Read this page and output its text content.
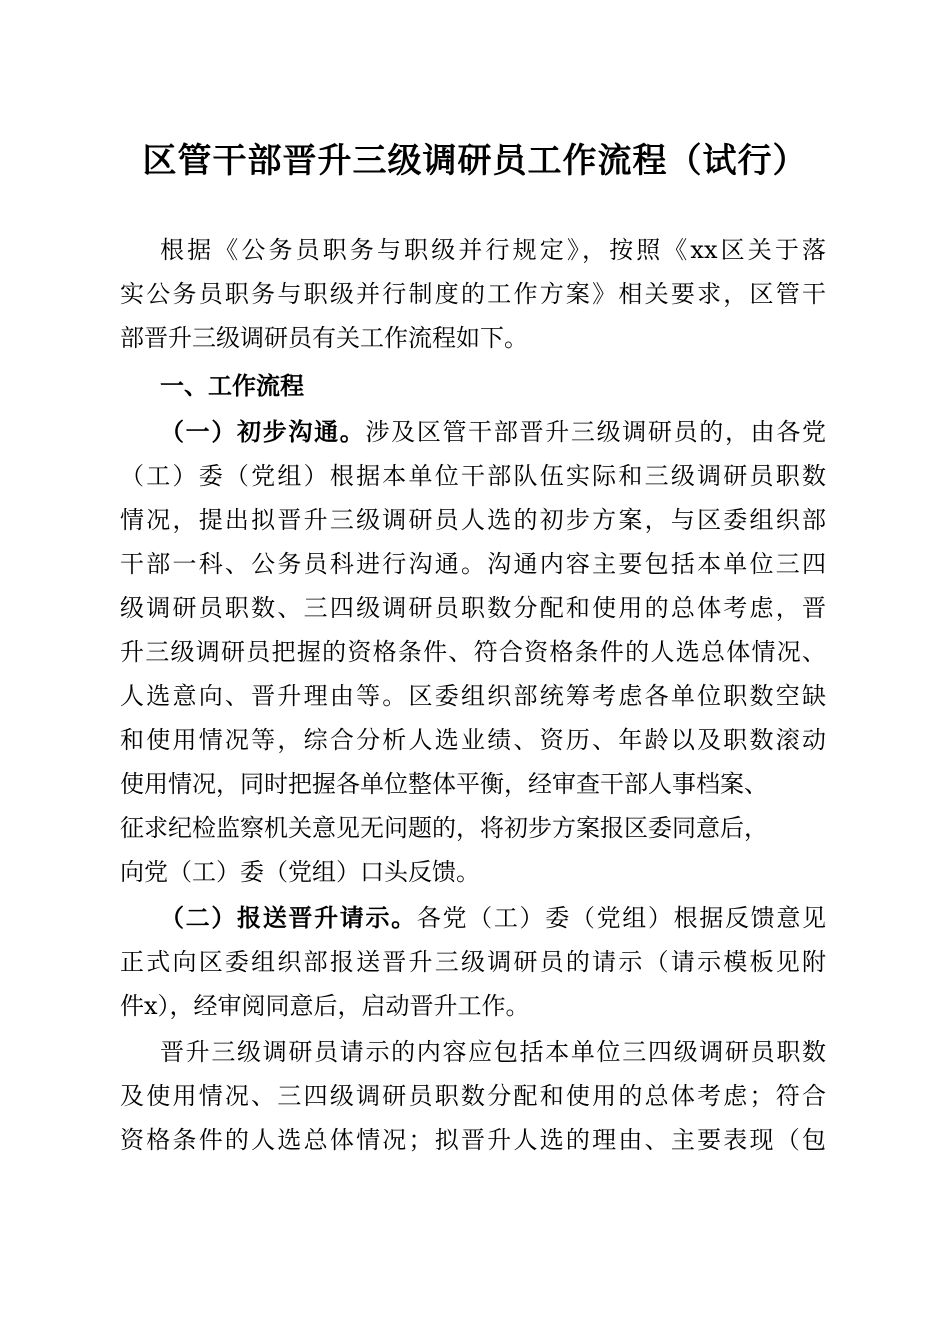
区管干部晋升三级调研员工作流程（试行）

根据《公务员职务与职级并行规定》，按照《xx区关于落

实公务员职务与职级并行制度的工作方案》相关要求，区管干

部晋升三级调研员有关工作流程如下。

一、工作流程

（一）初步沟通。涉及区管干部晋升三级调研员的，由各党

（工）委（党组）根据本单位干部队伍实际和三级调研员职数

情况，提出拟晋升三级调研员人选的初步方案，与区委组织部

干部一科、公务员科进行沟通。沟通内容主要包括本单位三四

级调研员职数、三四级调研员职数分配和使用的总体考虑，晋

升三级调研员把握的资格条件、符合资格条件的人选总体情况、

人选意向、晋升理由等。区委组织部统筹考虑各单位职数空缺

和使用情况等，综合分析人选业绩、资历、年龄以及职数滚动

使用情况，同时把握各单位整体平衡，经审查干部人事档案、

征求纪检监察机关意见无问题的，将初步方案报区委同意后，

向党（工）委（党组）口头反馈。

（二）报送晋升请示。各党（工）委（党组）根据反馈意见

正式向区委组织部报送晋升三级调研员的请示（请示模板见附

件x），经审阅同意后，启动晋升工作。

晋升三级调研员请示的内容应包括本单位三四级调研员职数

及使用情况、三四级调研员职数分配和使用的总体考虑；符合

资格条件的人选总体情况；拟晋升人选的理由、主要表现（包
